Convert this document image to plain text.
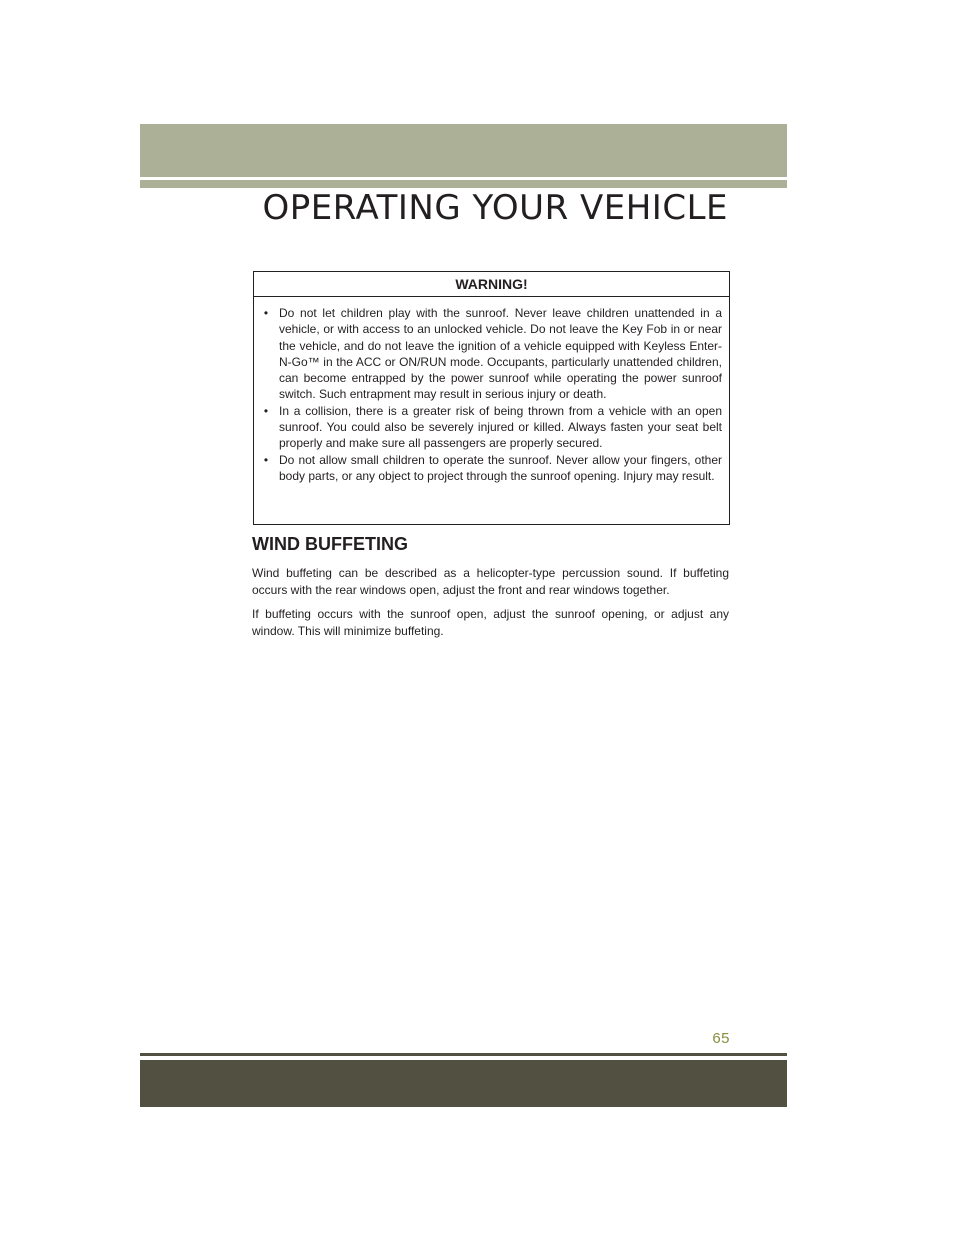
OPERATING YOUR VEHICLE
WARNING!
• Do not let children play with the sunroof. Never leave children unattended in a vehicle, or with access to an unlocked vehicle. Do not leave the Key Fob in or near the vehicle, and do not leave the ignition of a vehicle equipped with Keyless Enter-N-Go™ in the ACC or ON/RUN mode. Occupants, particularly unattended children, can become entrapped by the power sunroof while operating the power sunroof switch. Such entrapment may result in serious injury or death.
• In a collision, there is a greater risk of being thrown from a vehicle with an open sunroof. You could also be severely injured or killed. Always fasten your seat belt properly and make sure all passengers are properly secured.
• Do not allow small children to operate the sunroof. Never allow your fingers, other body parts, or any object to project through the sunroof opening. Injury may result.
WIND BUFFETING

Wind buffeting can be described as a helicopter-type percussion sound. If buffeting occurs with the rear windows open, adjust the front and rear windows together.

If buffeting occurs with the sunroof open, adjust the sunroof opening, or adjust any window. This will minimize buffeting.

65
